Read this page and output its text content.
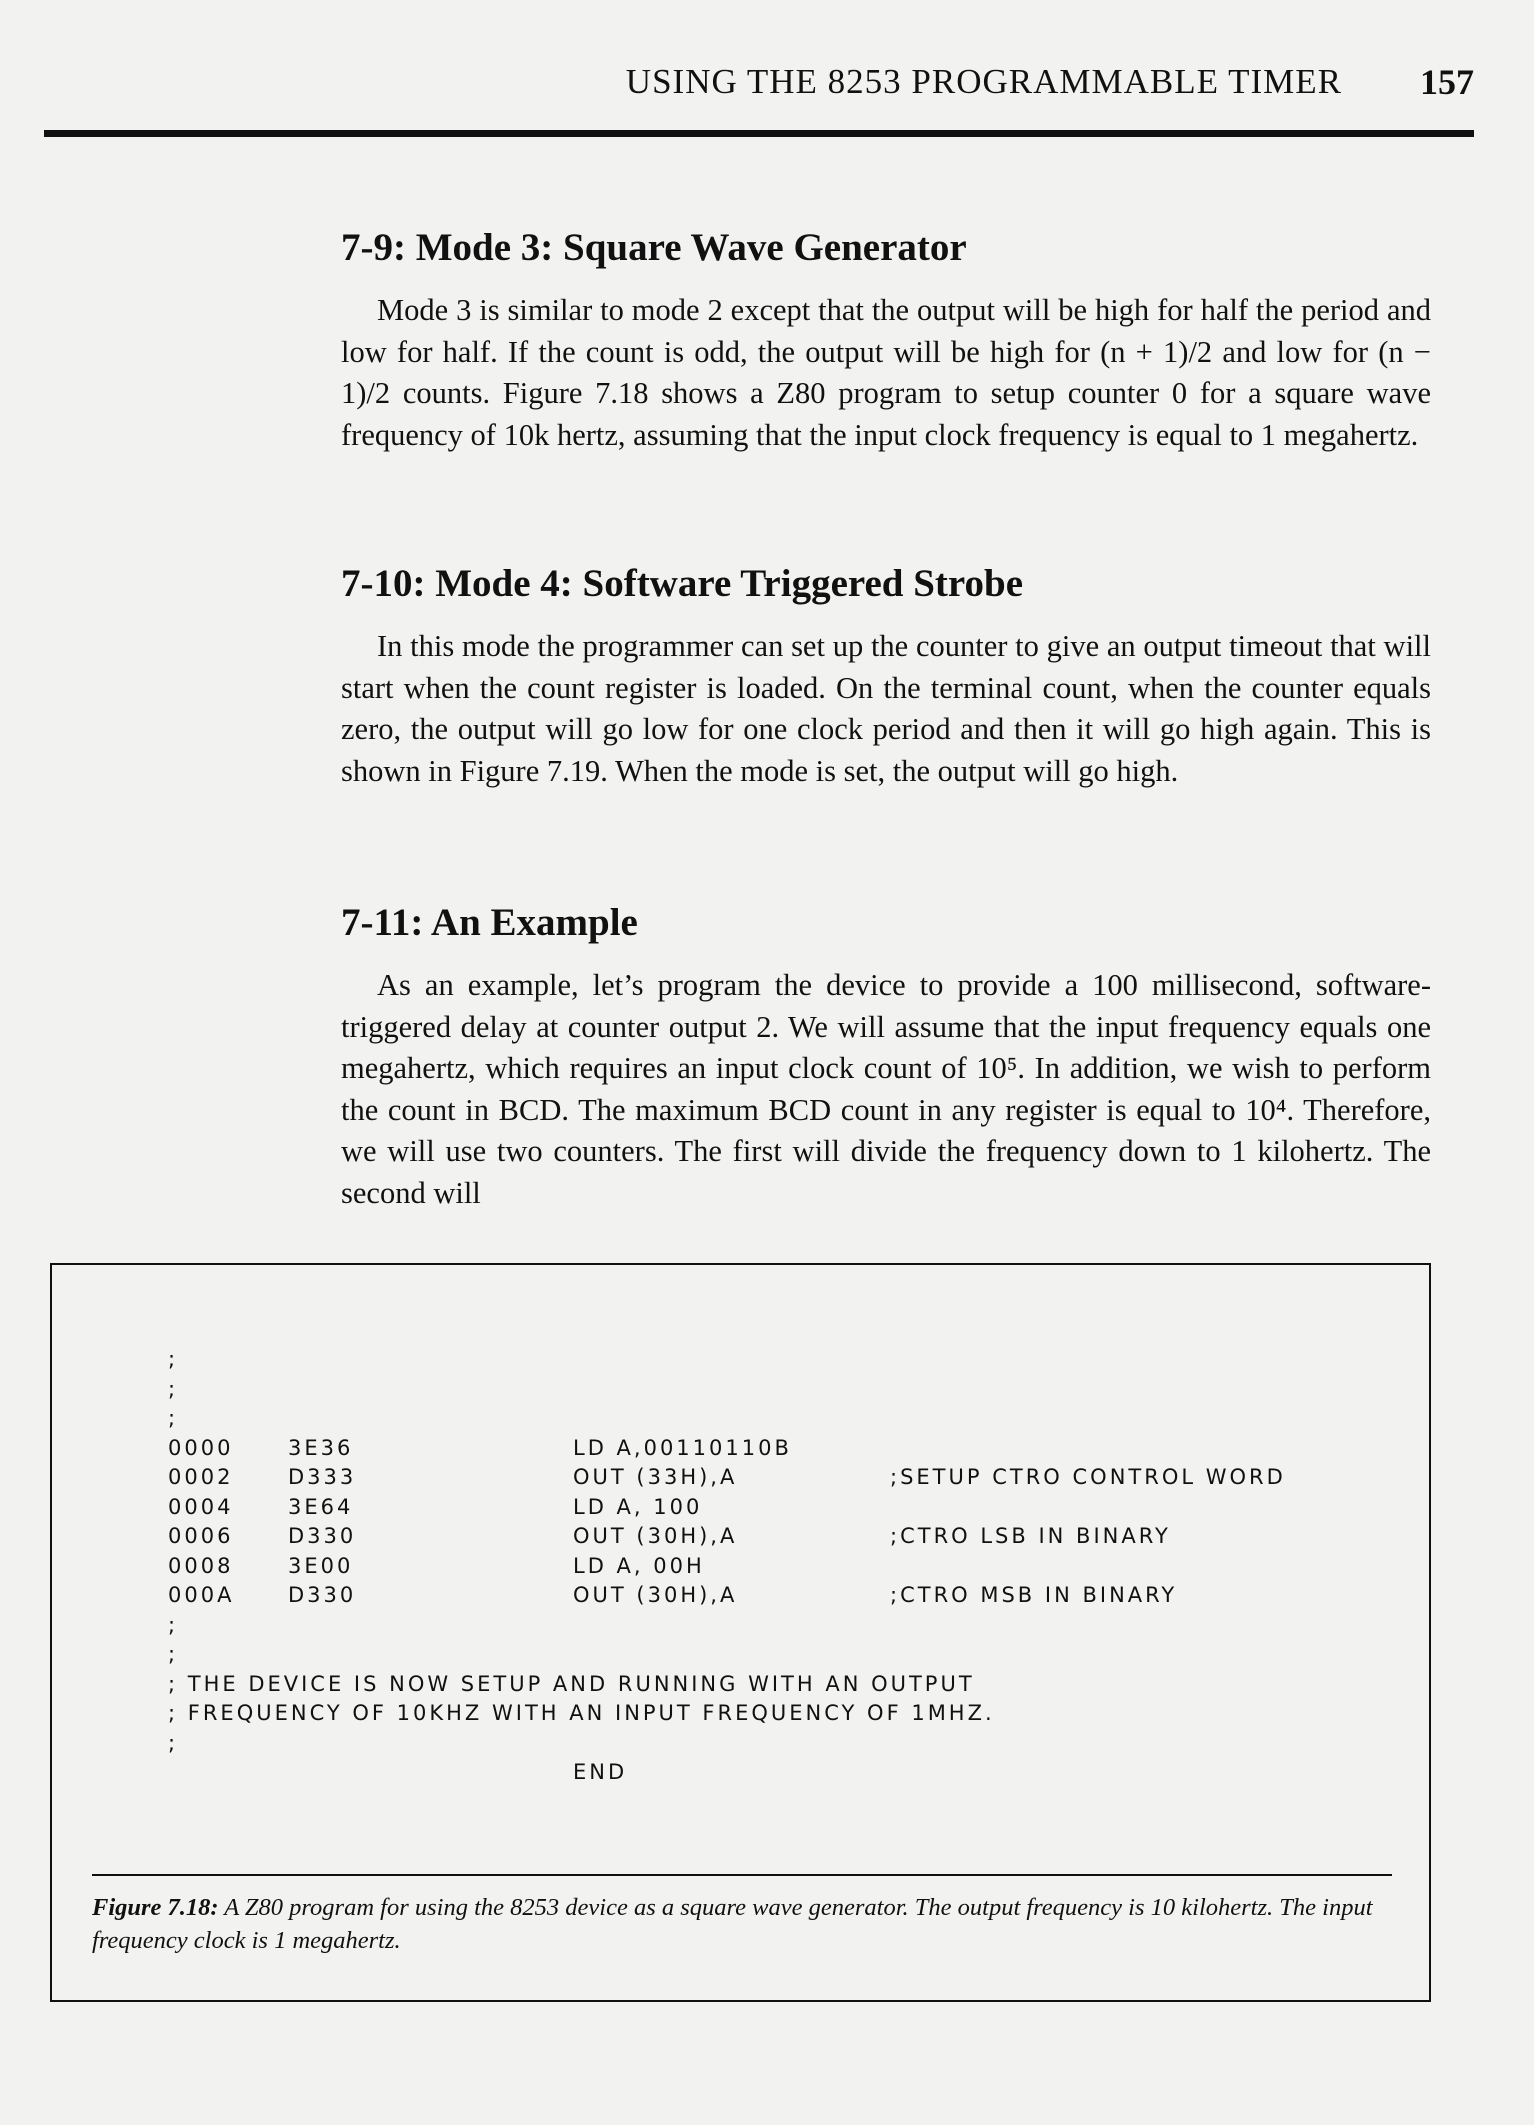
USING THE 8253 PROGRAMMABLE TIMER 157
7-9: Mode 3: Square Wave Generator

Mode 3 is similar to mode 2 except that the output will be high for half the period and low for half. If the count is odd, the output will be high for (n + 1)/2 and low for (n − 1)/2 counts. Figure 7.18 shows a Z80 program to setup counter 0 for a square wave frequency of 10k hertz, assuming that the input clock frequency is equal to 1 megahertz.

7-10: Mode 4: Software Triggered Strobe

In this mode the programmer can set up the counter to give an output timeout that will start when the count register is loaded. On the terminal count, when the counter equals zero, the output will go low for one clock period and then it will go high again. This is shown in Figure 7.19. When the mode is set, the output will go high.

7-11: An Example

As an example, let’s program the device to provide a 100 millisecond, software-triggered delay at counter output 2. We will assume that the input frequency equals one megahertz, which requires an input clock count of 10⁵. In addition, we wish to perform the count in BCD. The maximum BCD count in any register is equal to 10⁴. Therefore, we will use two counters. The first will divide the frequency down to 1 kilohertz. The second will

;
;
;
0000	3E36	LD A,00110110B
0002	D333	OUT (33H),A	;SETUP CTRO CONTROL WORD
0004	3E64	LD A, 100
0006	D330	OUT (30H),A	;CTRO LSB IN BINARY
0008	3E00	LD A, 00H
000A	D330	OUT (30H),A	;CTRO MSB IN BINARY
;
;
; THE DEVICE IS NOW SETUP AND RUNNING WITH AN OUTPUT
; FREQUENCY OF 10KHZ WITH AN INPUT FREQUENCY OF 1MHZ.
;
END
Figure 7.18: A Z80 program for using the 8253 device as a square wave generator. The output frequency is 10 kilohertz. The input frequency clock is 1 megahertz.
